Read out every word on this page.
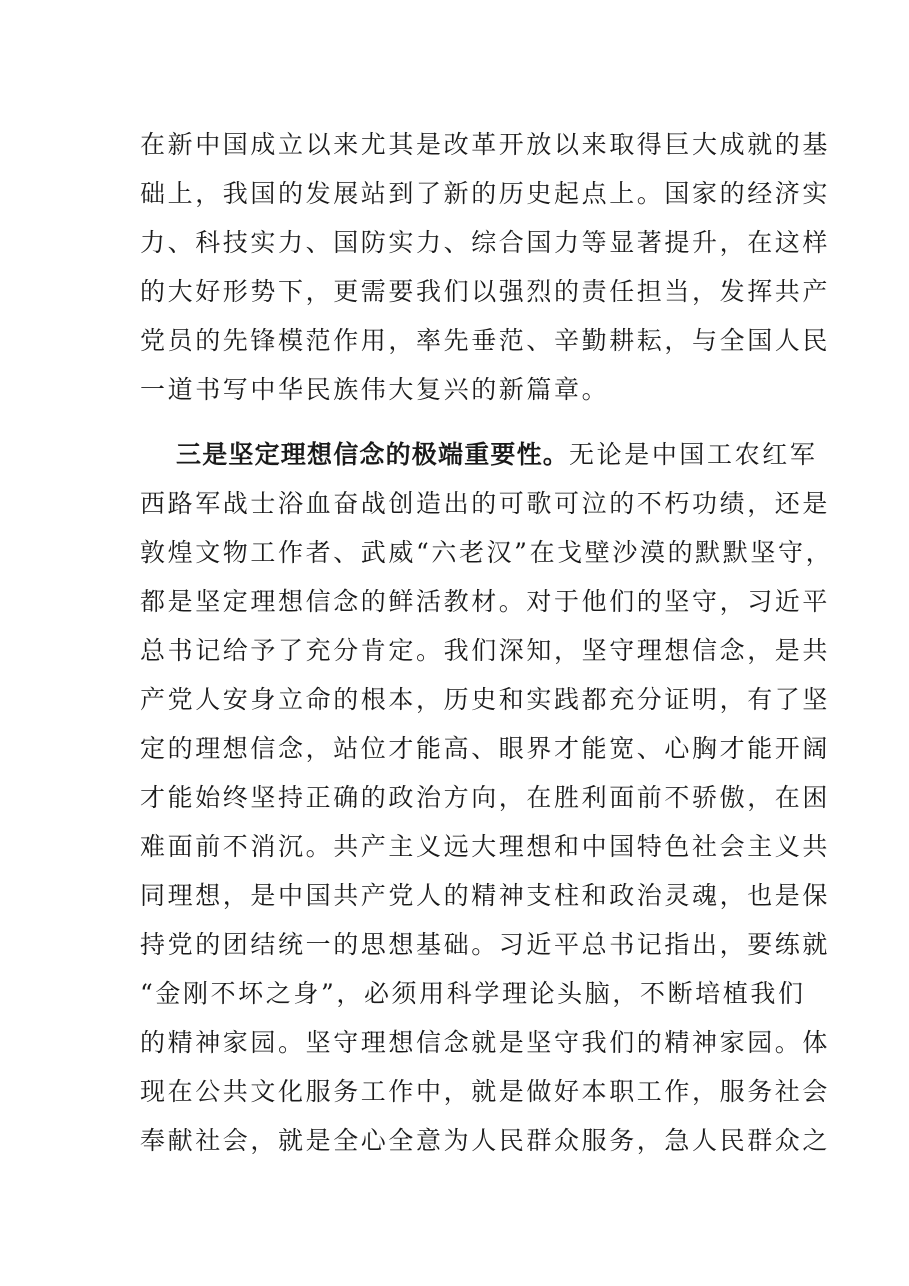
在新中国成立以来尤其是改革开放以来取得巨大成就的基
础上，我国的发展站到了新的历史起点上。国家的经济实
力、科技实力、国防实力、综合国力等显著提升，在这样
的大好形势下，更需要我们以强烈的责任担当，发挥共产
党员的先锋模范作用，率先垂范、辛勤耕耘，与全国人民
一道书写中华民族伟大复兴的新篇章。
三是坚定理想信念的极端重要性。无论是中国工农红军
西路军战士浴血奋战创造出的可歌可泣的不朽功绩，还是
敦煌文物工作者、武威“六老汉”在戈壁沙漠的默默坚守，
都是坚定理想信念的鲜活教材。对于他们的坚守，习近平
总书记给予了充分肯定。我们深知，坚守理想信念，是共
产党人安身立命的根本，历史和实践都充分证明，有了坚
定的理想信念，站位才能高、眼界才能宽、心胸才能开阔
才能始终坚持正确的政治方向，在胜利面前不骄傲，在困
难面前不消沉。共产主义远大理想和中国特色社会主义共
同理想，是中国共产党人的精神支柱和政治灵魂，也是保
持党的团结统一的思想基础。习近平总书记指出，要练就
“金刚不坏之身”，必须用科学理论头脑，不断培植我们
的精神家园。坚守理想信念就是坚守我们的精神家园。体
现在公共文化服务工作中，就是做好本职工作，服务社会
奉献社会，就是全心全意为人民群众服务，急人民群众之
